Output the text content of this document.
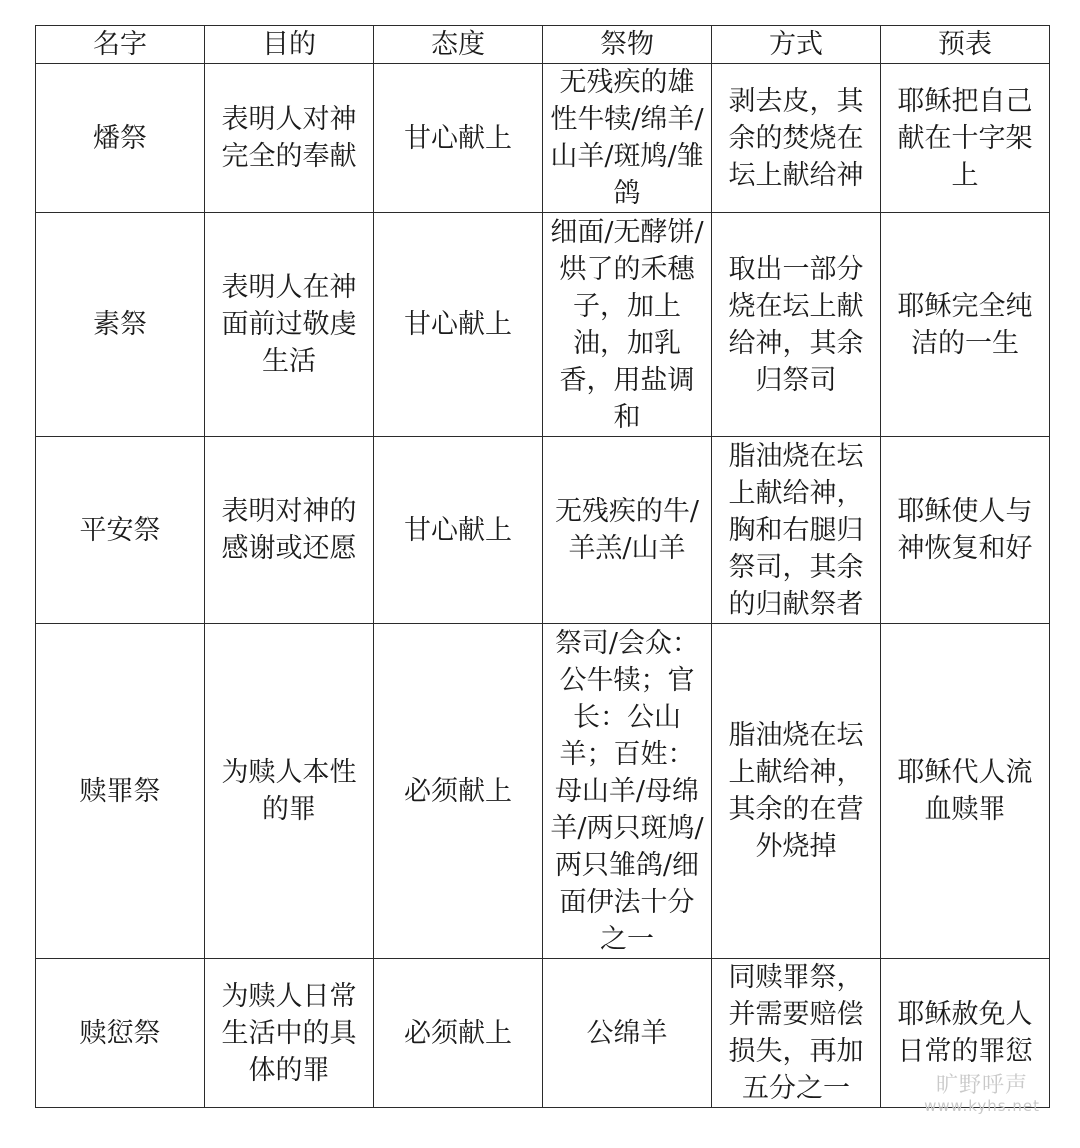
名字	目的	态度	祭物	方式	预表
燔祭	表明人对神完全的奉献	甘心献上	无残疾的雄性牛犊/绵羊/山羊/斑鸠/雏鸽	剥去皮，其余的焚烧在坛上献给神	耶稣把自己献在十字架上
素祭	表明人在神面前过敬虔生活	甘心献上	细面/无酵饼/烘了的禾穗子，加上油，加乳香，用盐调和	取出一部分烧在坛上献给神，其余归祭司	耶稣完全纯洁的一生
平安祭	表明对神的感谢或还愿	甘心献上	无残疾的牛/羊羔/山羊	脂油烧在坛上献给神，胸和右腿归祭司，其余的归献祭者	耶稣使人与神恢复和好
赎罪祭	为赎人本性的罪	必须献上	祭司/会众：公牛犊；官长：公山羊；百姓：母山羊/母绵羊/两只斑鸠/两只雏鸽/细面伊法十分之一	脂油烧在坛上献给神，其余的在营外烧掉	耶稣代人流血赎罪
赎愆祭	为赎人日常生活中的具体的罪	必须献上	公绵羊	同赎罪祭，并需要赔偿损失，再加五分之一	耶稣赦免人日常的罪愆
旷野呼声
www.kyhs.net
